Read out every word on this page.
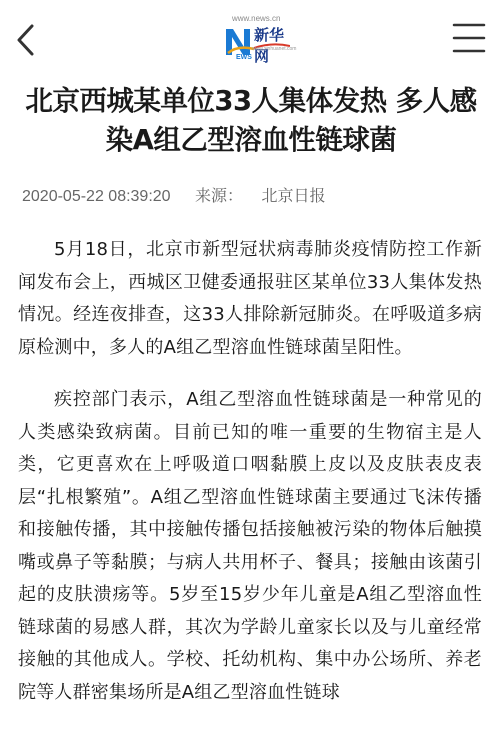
www.news.cn
EWS
新华网
www.xinhuanet.com
北京西城某单位33人集体发热 多人感染A组乙型溶血性链球菌
2020-05-22 08:39:20 来源： 北京日报

5月18日，北京市新型冠状病毒肺炎疫情防控工作新闻发布会上，西城区卫健委通报驻区某单位33人集体发热情况。经连夜排查，这33人排除新冠肺炎。在呼吸道多病原检测中，多人的A组乙型溶血性链球菌呈阳性。

疾控部门表示，A组乙型溶血性链球菌是一种常见的人类感染致病菌。目前已知的唯一重要的生物宿主是人类，它更喜欢在上呼吸道口咽黏膜上皮以及皮肤表皮表层“扎根繁殖”。A组乙型溶血性链球菌主要通过飞沫传播和接触传播，其中接触传播包括接触被污染的物体后触摸嘴或鼻子等黏膜；与病人共用杯子、餐具；接触由该菌引起的皮肤溃疡等。5岁至15岁少年儿童是A组乙型溶血性链球菌的易感人群，其次为学龄儿童家长以及与儿童经常接触的其他成人。学校、托幼机构、集中办公场所、养老院等人群密集场所是A组乙型溶血性链球
